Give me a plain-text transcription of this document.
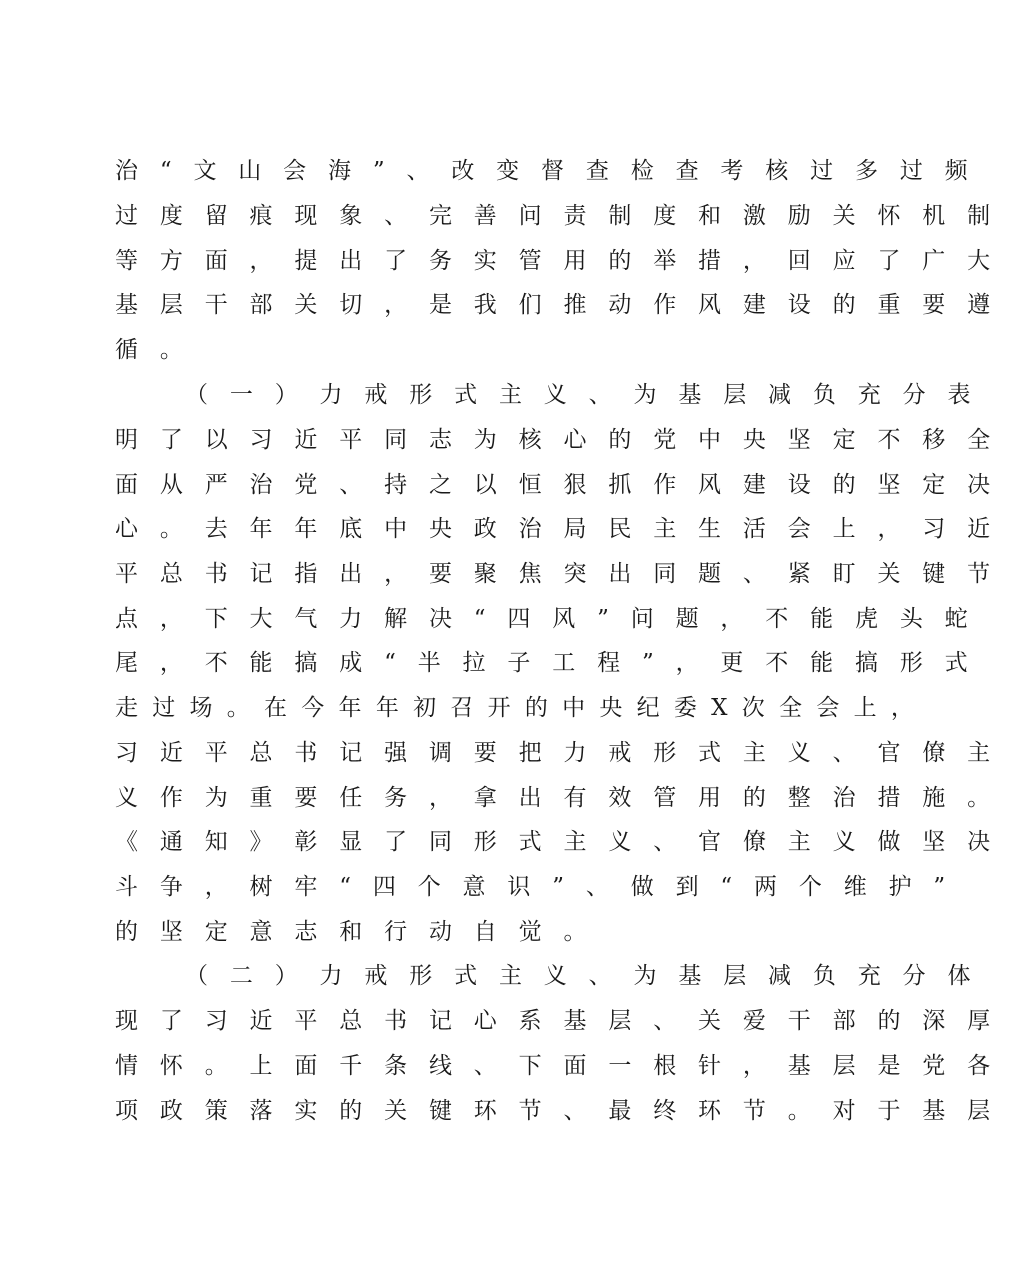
治“文山会海”、改变督查检查考核过多过频
过度留痕现象、完善问责制度和激励关怀机制
等方面，提出了务实管用的举措，回应了广大
基层干部关切，是我们推动作风建设的重要遵
循。
（一）力戒形式主义、为基层减负充分表
明了以习近平同志为核心的党中央坚定不移全
面从严治党、持之以恒狠抓作风建设的坚定决
心。去年年底中央政治局民主生活会上，习近
平总书记指出，要聚焦突出同题、紧盯关键节
点，下大气力解决“四风”问题，不能虎头蛇
尾，不能搞成“半拉子工程”，更不能搞形式
走过场。在今年年初召开的中央纪委X次全会上，
习近平总书记强调要把力戒形式主义、官僚主
义作为重要任务，拿出有效管用的整治措施。
《通知》彰显了同形式主义、官僚主义做坚决
斗争，树牢“四个意识”、做到“两个维护”
的坚定意志和行动自觉。
（二）力戒形式主义、为基层减负充分体
现了习近平总书记心系基层、关爱干部的深厚
情怀。上面千条线、下面一根针，基层是党各
项政策落实的关键环节、最终环节。对于基层
